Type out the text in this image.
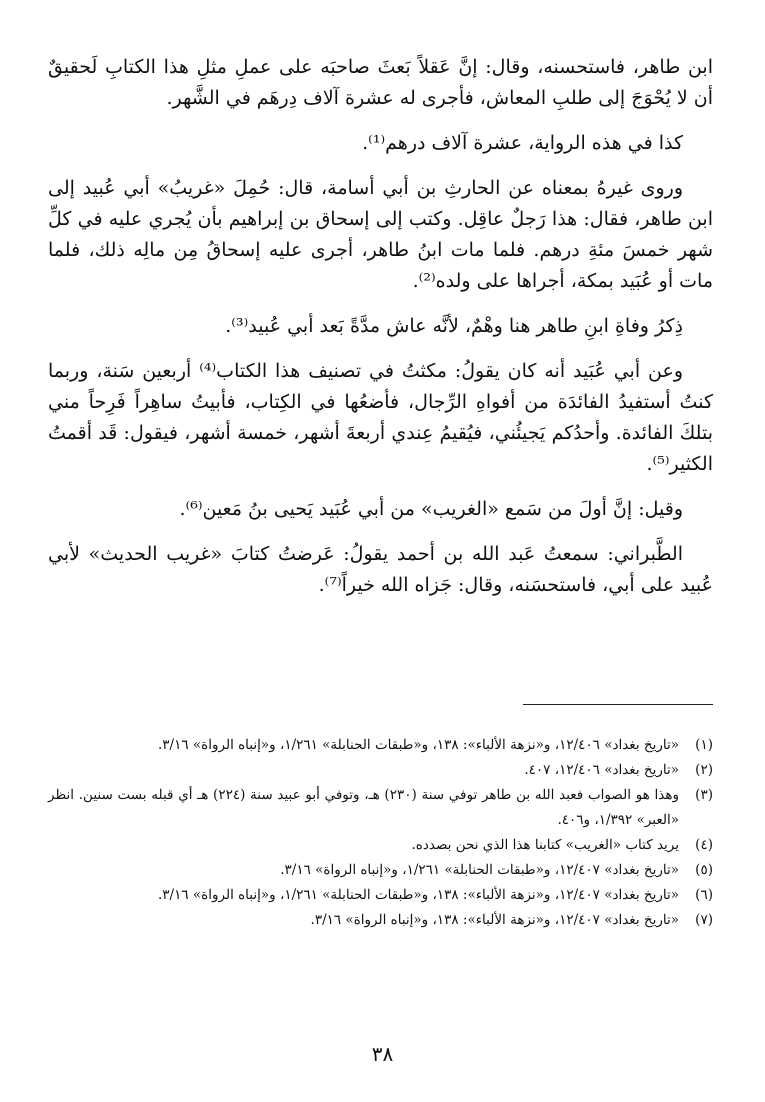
ابن طاهر، فاستحسنه، وقال: إنَّ عَقلاً بَعثَ صاحبَه على عملِ مثلِ هذا الكتابِ لَحقيقٌ أن لا يُحْوَجَ إلى طلبِ المعاش، فأجرى له عشرة آلاف دِرهَم في الشَّهر.

كذا في هذه الرواية، عشرة آلاف درهم⁽¹⁾.

وروى غيرهُ بمعناه عن الحارثِ بن أبي أسامة، قال: حُمِلَ «غريبُ» أبي عُبيد إلى ابن طاهر، فقال: هذا رَجلٌ عاقِل. وكتب إلى إسحاق بن إبراهيم بأن يُجري عليه في كلِّ شهر خمسَ مئةِ درهم. فلما مات ابنُ طاهر، أجرى عليه إسحاقُ مِن مالِه ذلك، فلما مات أو عُبَيد بمكة، أجراها على ولده⁽²⁾.

ذِكرُ وفاةِ ابنِ طاهر هنا وهْمٌ، لأنَّه عاش مدَّةً بَعد أبي عُبيد⁽³⁾.

وعن أبي عُبَيد أنه كان يقولُ: مكثتُ في تصنيف هذا الكتاب⁽⁴⁾ أربعين سَنة، وربما كنتُ أستفيدُ الفائدَة من أفواهِ الرِّجال، فأضعُها في الكِتاب، فأبيتُ ساهِراً فَرِحاً مني بتلكَ الفائدة. وأحدُكم يَجيئُني، فيُقيمُ عِندي أربعةَ أشهر، خمسة أشهر، فيقول: قَد أقمتُ الكثير⁽⁵⁾.

وقيل: إنَّ أولَ من سَمع «الغريب» من أبي عُبَيد يَحيى بنُ مَعين⁽⁶⁾.

الطَّبراني: سمعتُ عَبد الله بن أحمد يقولُ: عَرضتُ كتابَ «غريب الحديث» لأبي عُبيد على أبي، فاستحسَنه، وقال: جَزاه الله خيراً⁽⁷⁾.

(١)
«تاريخ بغداد» ١٢/٤٠٦، و«نزهة الألباء»: ١٣٨، و«طبقات الحنابلة» ١/٢٦١، و«إنباه الرواة» ٣/١٦.
(٢)
«تاريخ بغداد» ١٢/٤٠٦، ٤٠٧.
(٣)
وهذا هو الصواب فعبد الله بن طاهر توفي سنة (٢٣٠) هـ، وتوفي أبو عبيد سنة (٢٢٤) هـ أي قبله بست سنين. انظر «العبر» ١/٣٩٢، و٤٠٦.
(٤)
يريد كتاب «الغريب» كتابنا هذا الذي نحن بصدده.
(٥)
«تاريخ بغداد» ١٢/٤٠٧، و«طبقات الحنابلة» ١/٢٦١، و«إنباه الرواة» ٣/١٦.
(٦)
«تاريخ بغداد» ١٢/٤٠٧، و«نزهة الألباء»: ١٣٨، و«طبقات الحنابلة» ١/٢٦١، و«إنباه الرواة» ٣/١٦.
(٧)
«تاريخ بغداد» ١٢/٤٠٧، و«نزهة الألباء»: ١٣٨، و«إنباه الرواة» ٣/١٦.
٣٨
